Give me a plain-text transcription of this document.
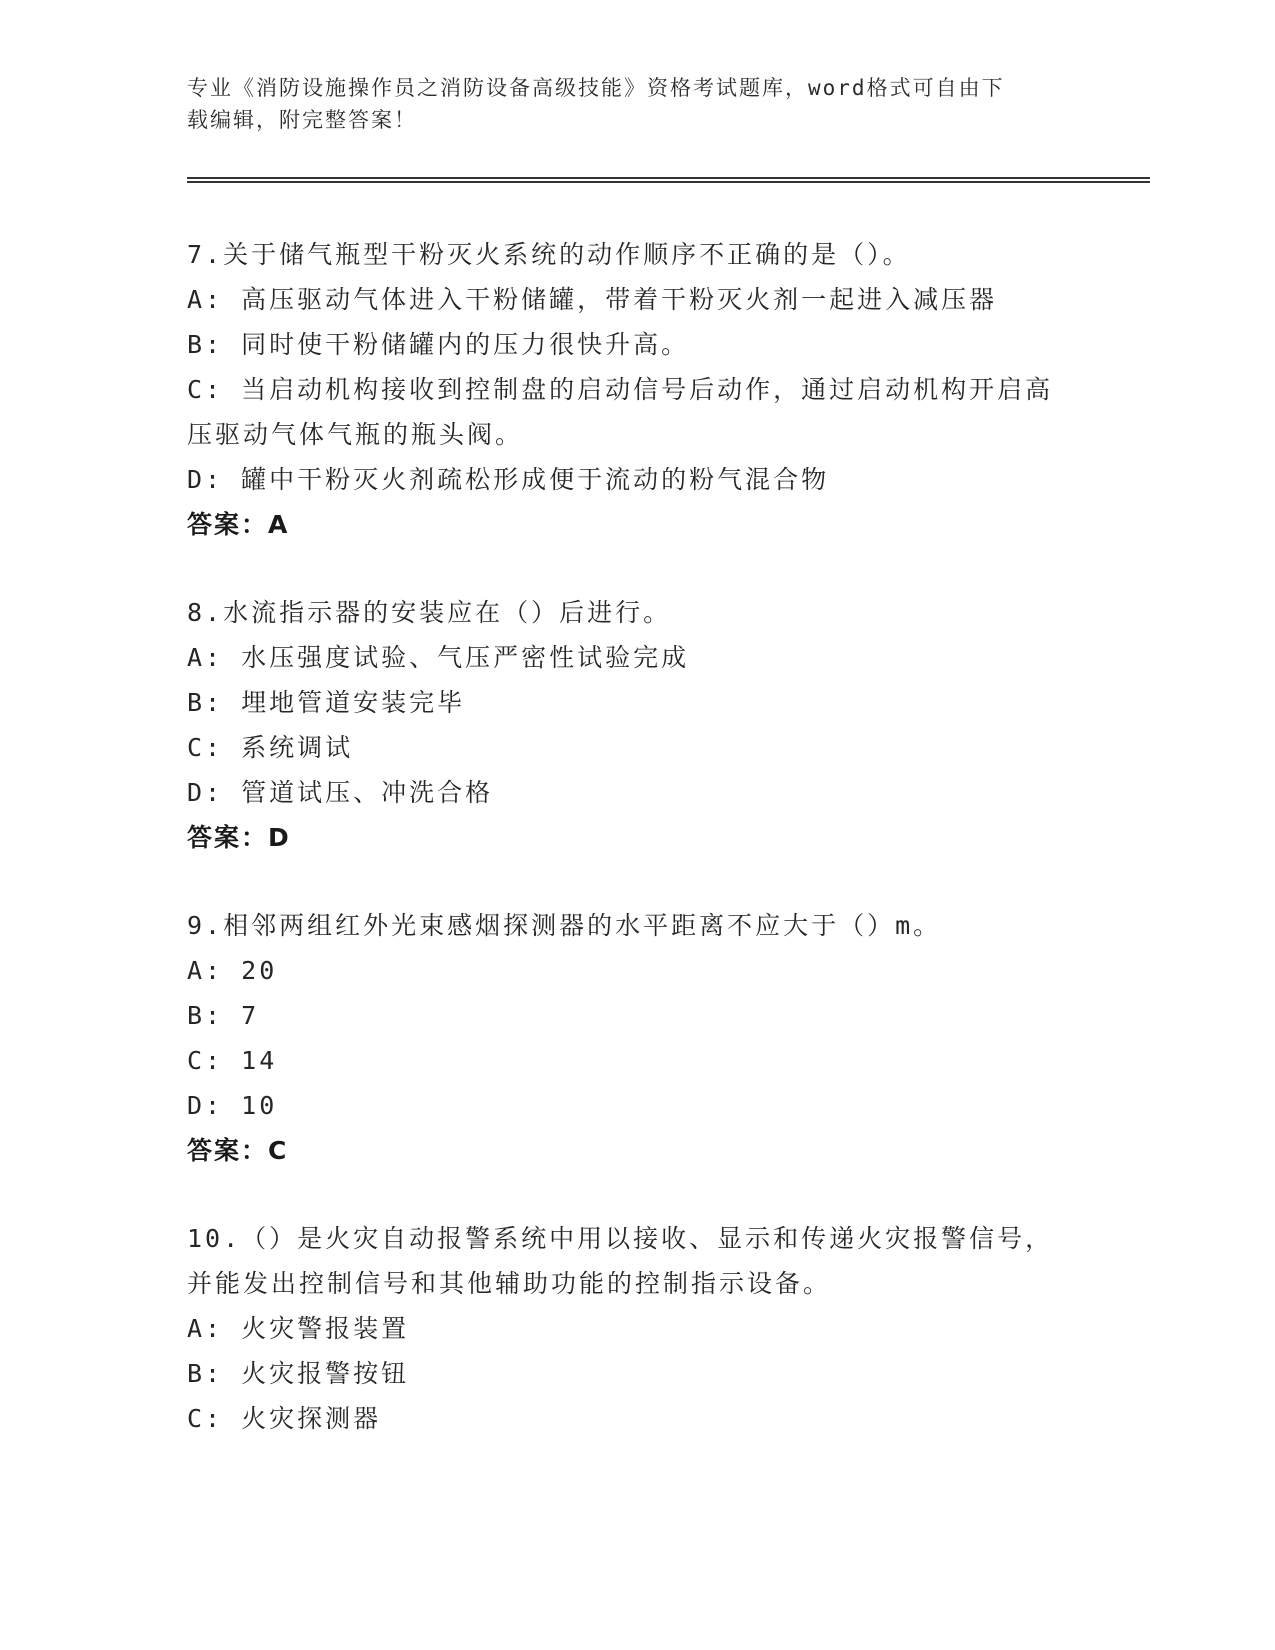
专业《消防设施操作员之消防设备高级技能》资格考试题库，word格式可自由下
载编辑，附完整答案！
7.关于储气瓶型干粉灭火系统的动作顺序不正确的是（）。
A: 高压驱动气体进入干粉储罐，带着干粉灭火剂一起进入减压器
B: 同时使干粉储罐内的压力很快升高。
C: 当启动机构接收到控制盘的启动信号后动作，通过启动机构开启高
压驱动气体气瓶的瓶头阀。
D: 罐中干粉灭火剂疏松形成便于流动的粉气混合物
答案：A
8.水流指示器的安装应在（）后进行。
A: 水压强度试验、气压严密性试验完成
B: 埋地管道安装完毕
C: 系统调试
D: 管道试压、冲洗合格
答案：D
9.相邻两组红外光束感烟探测器的水平距离不应大于（）m。
A: 20
B: 7
C: 14
D: 10
答案：C
10.（）是火灾自动报警系统中用以接收、显示和传递火灾报警信号，
并能发出控制信号和其他辅助功能的控制指示设备。
A: 火灾警报装置
B: 火灾报警按钮
C: 火灾探测器
